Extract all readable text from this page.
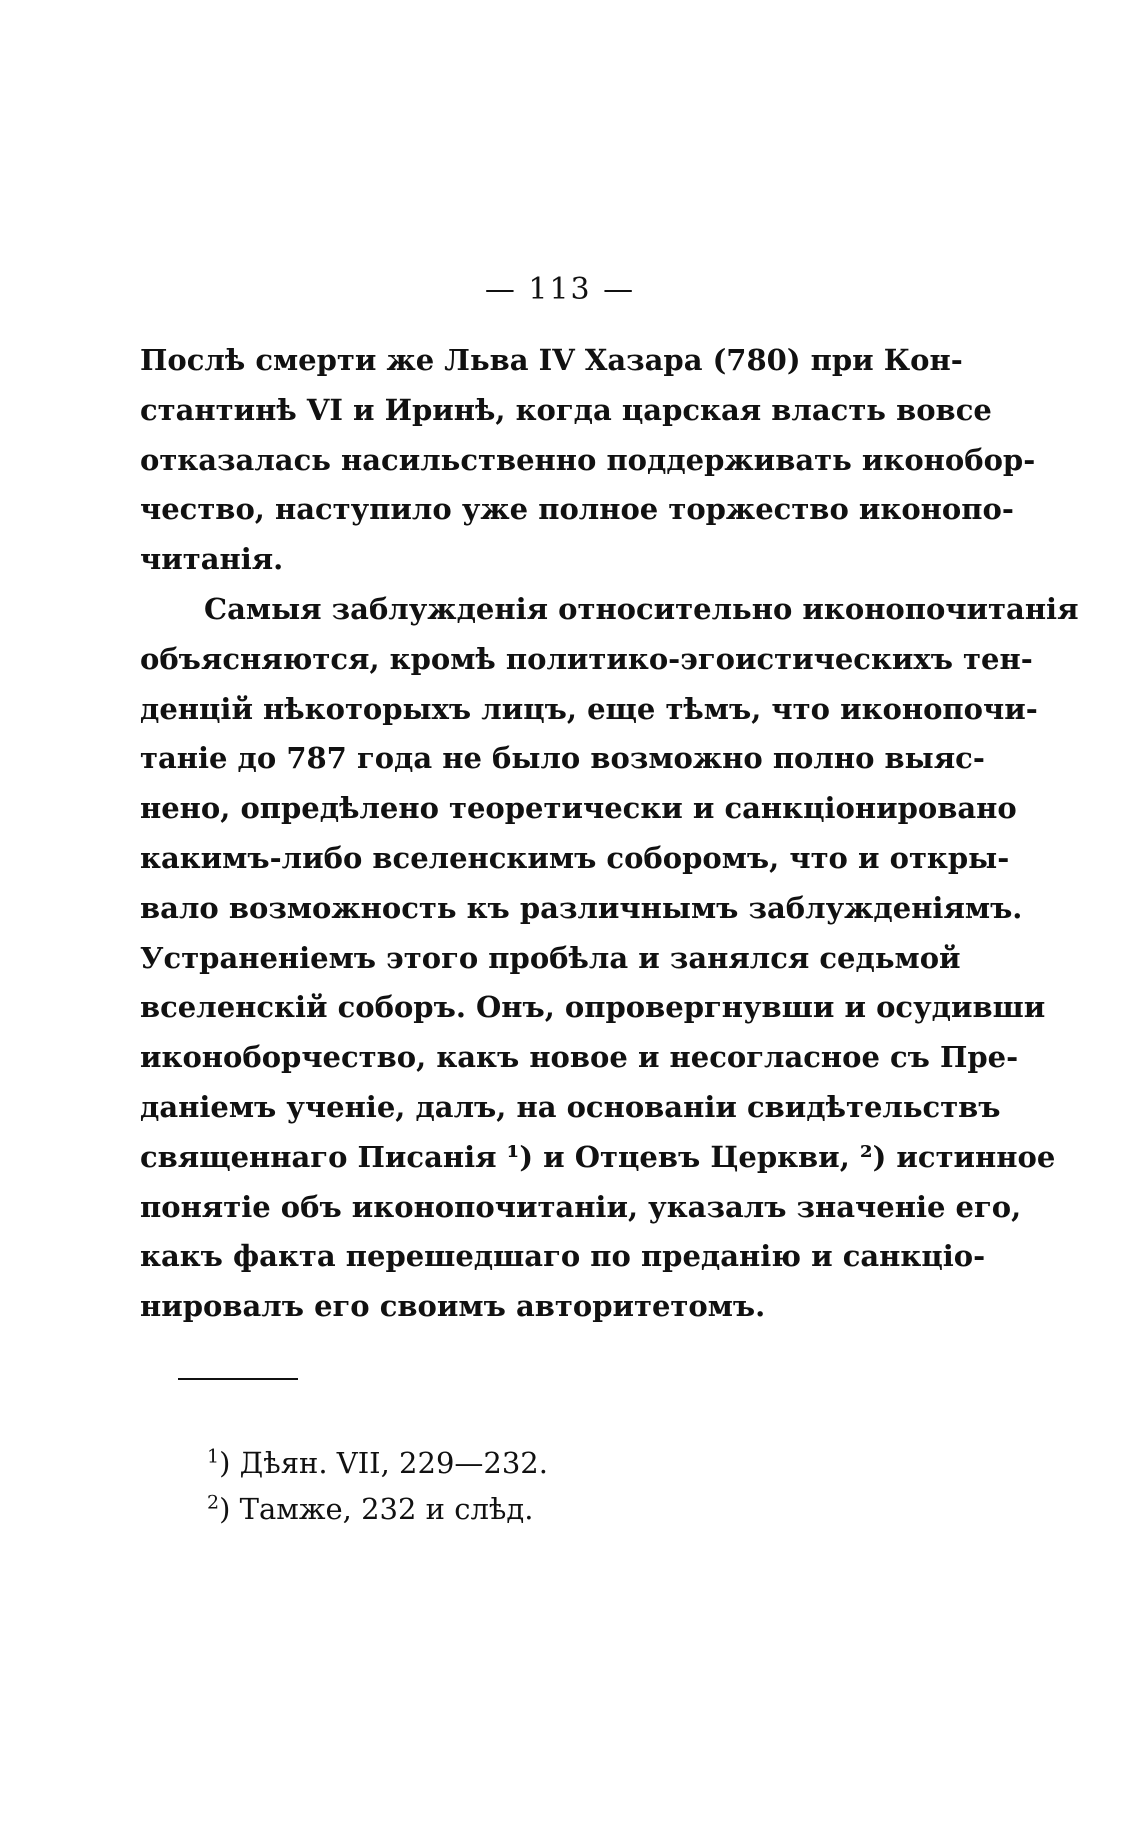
— 113 —
Послѣ смерти же Льва IV Хазара (780) при Кон-
стантинѣ VI и Иринѣ, когда царская власть вовсе
отказалась насильственно поддерживать иконобор-
чество, наступило уже полное торжество иконопо-
читанія.
Самыя заблужденія относительно иконопочитанія
объясняются, кромѣ политико-эгоистическихъ тен-
денцій нѣкоторыхъ лицъ, еще тѣмъ, что иконопочи-
таніе до 787 года не было возможно полно выяс-
нено, опредѣлено теоретически и санкціонировано
какимъ-либо вселенскимъ соборомъ, что и откры-
вало возможность къ различнымъ заблужденіямъ.
Устраненіемъ этого пробѣла и занялся седьмой
вселенскій соборъ. Онъ, опровергнувши и осудивши
иконоборчество, какъ новое и несогласное съ Пре-
даніемъ ученіе, далъ, на основаніи свидѣтельствъ
священнаго Писанія ¹) и Отцевъ Церкви, ²) истинное
понятіе объ иконопочитаніи, указалъ значеніе его,
какъ факта перешедшаго по преданію и санкціо-
нировалъ его своимъ авторитетомъ.
$^1$) Дѣян. VII, 229—232.
$^2$) Тамже, 232 и слѣд.
